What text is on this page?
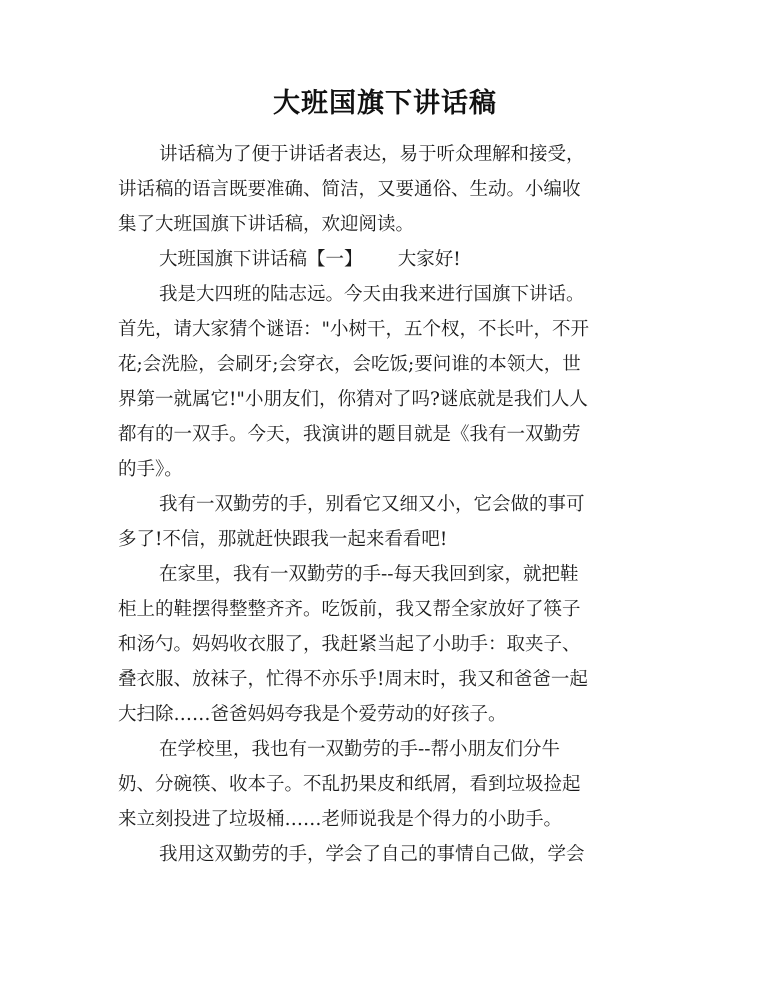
大班国旗下讲话稿
讲话稿为了便于讲话者表达，易于听众理解和接受，
讲话稿的语言既要准确、简洁，又要通俗、生动。小编收
集了大班国旗下讲话稿，欢迎阅读。
大班国旗下讲话稿【一】      大家好!
我是大四班的陆志远。今天由我来进行国旗下讲话。
首先，请大家猜个谜语："小树干，五个杈，不长叶，不开
花;会洗脸，会刷牙;会穿衣，会吃饭;要问谁的本领大，世
界第一就属它!"小朋友们，你猜对了吗?谜底就是我们人人
都有的一双手。今天，我演讲的题目就是《我有一双勤劳
的手》。
我有一双勤劳的手，别看它又细又小，它会做的事可
多了!不信，那就赶快跟我一起来看看吧!
在家里，我有一双勤劳的手--每天我回到家，就把鞋
柜上的鞋摆得整整齐齐。吃饭前，我又帮全家放好了筷子
和汤勺。妈妈收衣服了，我赶紧当起了小助手：取夹子、
叠衣服、放袜子，忙得不亦乐乎!周末时，我又和爸爸一起
大扫除……爸爸妈妈夸我是个爱劳动的好孩子。
在学校里，我也有一双勤劳的手--帮小朋友们分牛
奶、分碗筷、收本子。不乱扔果皮和纸屑，看到垃圾捡起
来立刻投进了垃圾桶……老师说我是个得力的小助手。
我用这双勤劳的手，学会了自己的事情自己做，学会
